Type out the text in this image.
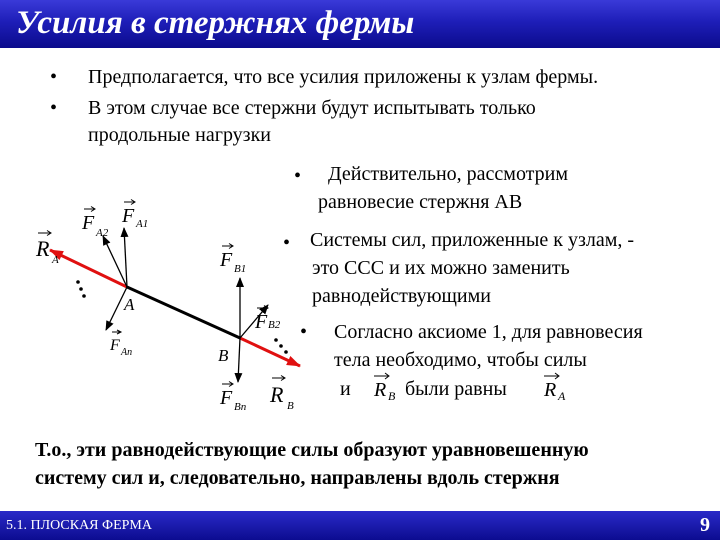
Усилия в стержнях фермы
• Предполагается, что все усилия приложены к узлам фермы.
• В этом случае все стержни будут испытывать только
продольные нагрузки
• Действительно, рассмотрим
равновесие стержня AB
• Системы сил, приложенные к узлам, -
это ССС и их можно заменить
равнодействующими
• Согласно аксиоме 1, для равновесия
тела необходимо, чтобы силы
и R B были равны R A
A
B
R A
F A2
F A1
F An
F B1
F B2
F Bn R B
Т.о., эти равнодействующие силы образуют уравновешенную
систему сил и, следовательно, направлены вдоль стержня
5.1. ПЛОСКАЯ ФЕРМА	9
